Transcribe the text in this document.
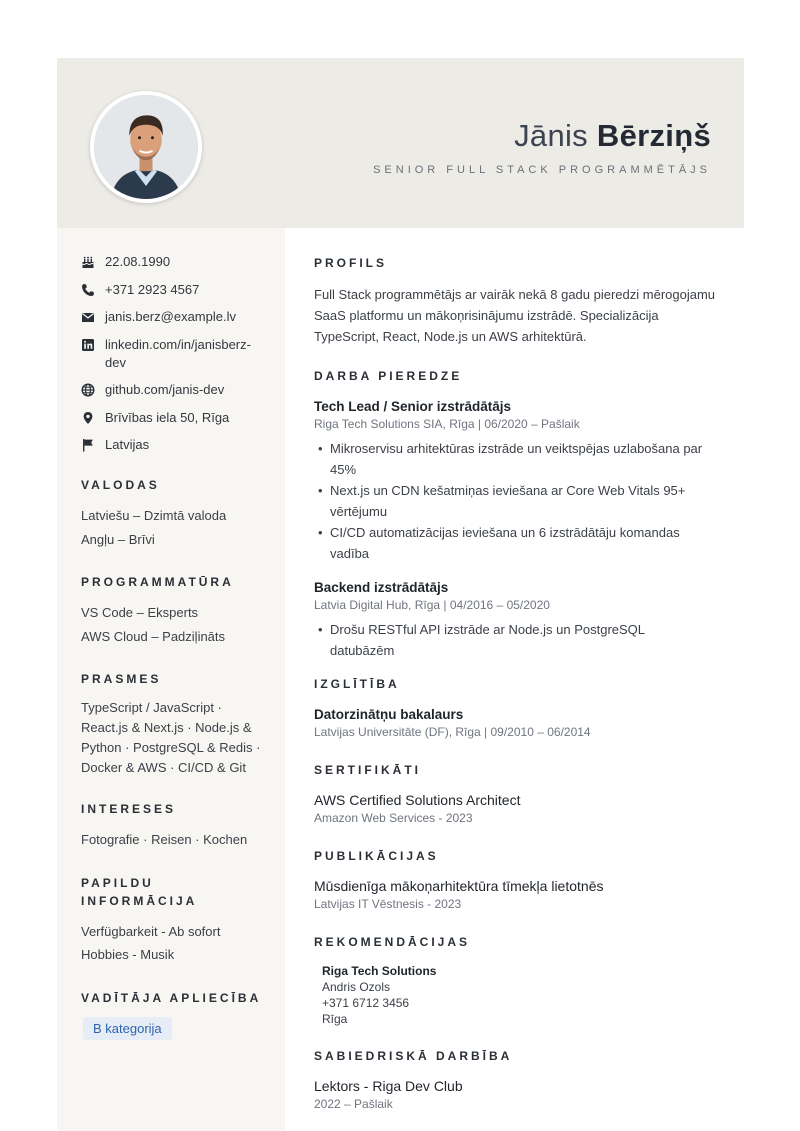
Jānis Bērziņš
SENIOR FULL STACK PROGRAMMĒTĀJS
22.08.1990
+371 2923 4567
janis.berz@example.lv
linkedin.com/in/janisberz-dev
github.com/janis-dev
Brīvības iela 50, Rīga
Latvijas
VALODAS
Latviešu – Dzimtā valoda
Angļu – Brīvi
PROGRAMMATŪRA
VS Code – Eksperts
AWS Cloud – Padziļināts
PRASMES
TypeScript / JavaScript · React.js & Next.js · Node.js & Python · PostgreSQL & Redis · Docker & AWS · CI/CD & Git
INTERESES
Fotografie · Reisen · Kochen
PAPILDU INFORMĀCIJA
Verfügbarkeit - Ab sofort
Hobbies - Musik
VADĪTĀJA APLIECĪBA
B kategorija
PROFILS
Full Stack programmētājs ar vairāk nekā 8 gadu pieredzi mērogojamu SaaS platformu un mākoņrisinājumu izstrādē. Specializācija TypeScript, React, Node.js un AWS arhitektūrā.
DARBA PIEREDZE
Tech Lead / Senior izstrādātājs
Riga Tech Solutions SIA, Rīga | 06/2020 – Pašlaik
• Mikroservisu arhitektūras izstrāde un veiktspējas uzlabošana par 45%
• Next.js un CDN kešatmiņas ieviešana ar Core Web Vitals 95+ vērtējumu
• CI/CD automatizācijas ieviešana un 6 izstrādātāju komandas vadība
Backend izstrādātājs
Latvia Digital Hub, Rīga | 04/2016 – 05/2020
• Drošu RESTful API izstrāde ar Node.js un PostgreSQL datubāzēm
IZGLĪTĪBA
Datorzinātņu bakalaurs
Latvijas Universitāte (DF), Rīga | 09/2010 – 06/2014
SERTIFIKĀTI
AWS Certified Solutions Architect
Amazon Web Services - 2023
PUBLIKĀCIJAS
Mūsdienīga mākoņarhitektūra tīmekļa lietotnēs
Latvijas IT Vēstnesis - 2023
REKOMENDĀCIJAS
Riga Tech Solutions
Andris Ozols
+371 6712 3456
Rīga
SABIEDRISKĀ DARBĪBA
Lektors - Riga Dev Club
2022 – Pašlaik
